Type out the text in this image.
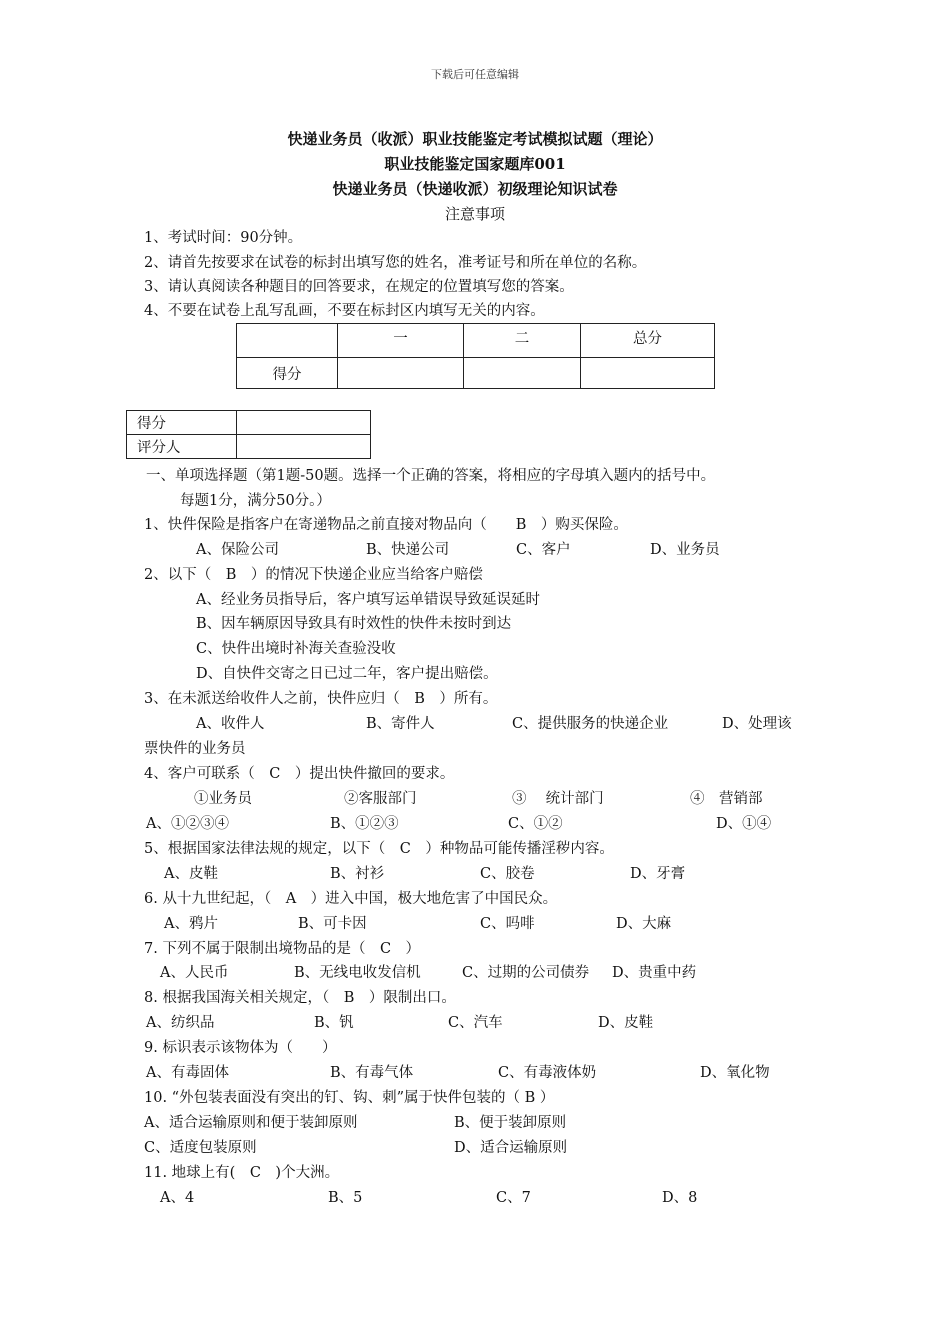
下载后可任意编辑
快递业务员（收派）职业技能鉴定考试模拟试题（理论）
职业技能鉴定国家题库001
快递业务员（快递收派）初级理论知识试卷
注意事项
1、考试时间：90分钟。
2、请首先按要求在试卷的标封出填写您的姓名，准考证号和所在单位的名称。
3、请认真阅读各种题目的回答要求，在规定的位置填写您的答案。
4、不要在试卷上乱写乱画，不要在标封区内填写无关的内容。
	一	二	总分
得分			
得分	
评分人	
一、单项选择题（第1题-50题。选择一个正确的答案，将相应的字母填入题内的括号中。
每题1分，满分50分。）
1、快件保险是指客户在寄递物品之前直接对物品向（　　B　）购买保险。
A、保险公司	B、快递公司	C、客户	D、业务员
2、以下（　B　）的情况下快递企业应当给客户赔偿
A、经业务员指导后，客户填写运单错误导致延误延时
B、因车辆原因导致具有时效性的快件未按时到达
C、快件出境时补海关查验没收
D、自快件交寄之日已过二年，客户提出赔偿。
3、在未派送给收件人之前，快件应归（　B　）所有。
A、收件人	B、寄件人	C、提供服务的快递企业	D、处理该
票快件的业务员
4、客户可联系（　C　）提出快件撤回的要求。
①业务员	②客服部门	③　 统计部门	④　营销部
A、①②③④	B、①②③	C、①②	D、①④
5、根据国家法律法规的规定，以下（　C　）种物品可能传播淫秽内容。
A、皮鞋	B、衬衫	C、胶卷	D、牙膏
6. 从十九世纪起，（　A　）进入中国，极大地危害了中国民众。
A、鸦片	B、可卡因	C、吗啡	D、大麻
7. 下列不属于限制出境物品的是（　C　）
A、人民币	B、无线电收发信机	C、过期的公司债券 D、贵重中药
8. 根据我国海关相关规定，（　B　）限制出口。
A、纺织品	B、钒	C、汽车	D、皮鞋
9. 标识表示该物体为（　　）
A、有毒固体	B、有毒气体	C、有毒液体奶	D、氧化物
10. “外包装表面没有突出的钉、钩、刺”属于快件包装的（ B ）
A、适合运输原则和便于装卸原则	B、便于装卸原则
C、适度包装原则	D、适合运输原则
11. 地球上有(　C　)个大洲。
A、4	B、5	C、7	D、8
